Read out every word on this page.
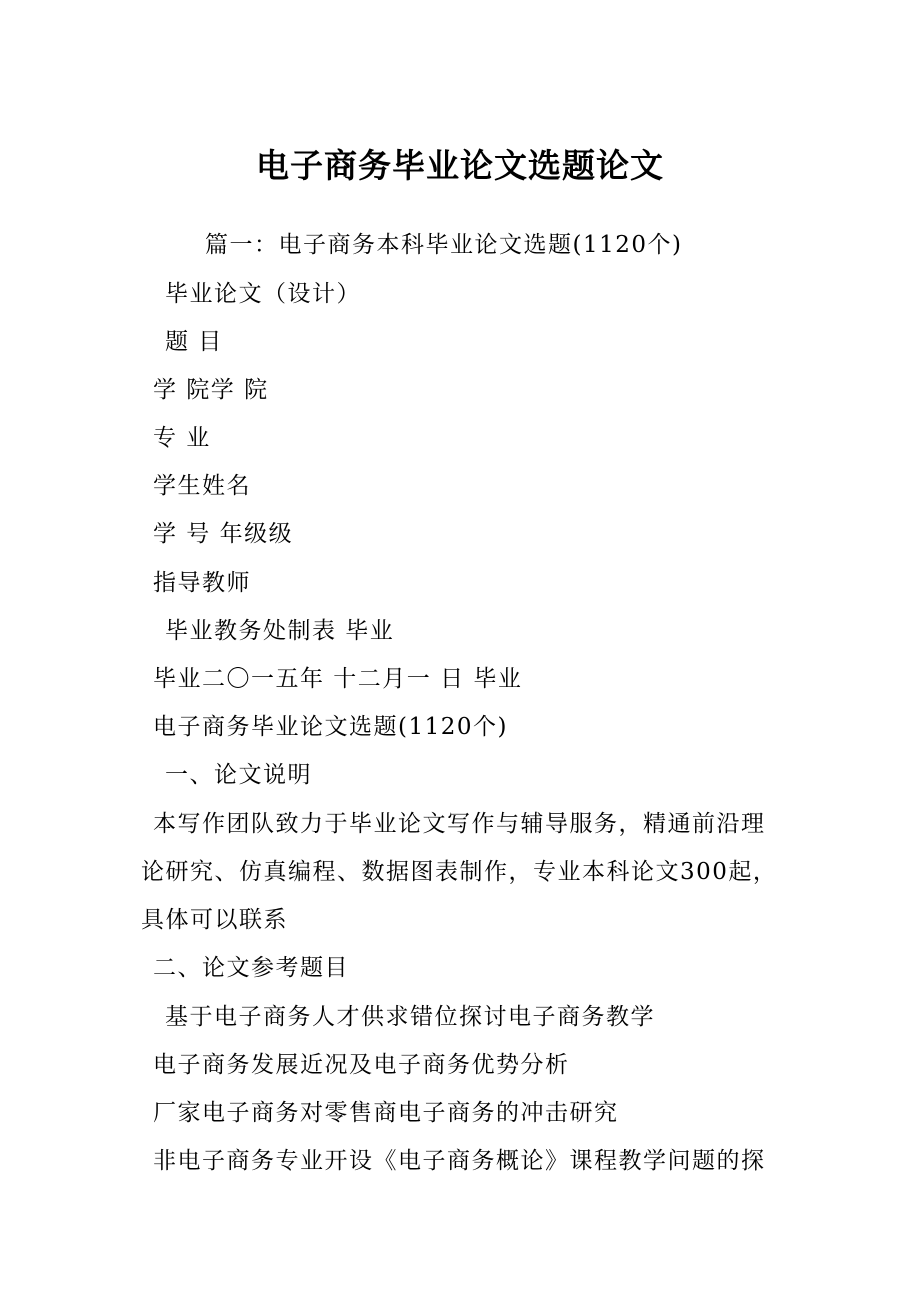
电子商务毕业论文选题论文
篇一：电子商务本科毕业论文选题(1120个)
毕业论文（设计）
题 目
学 院学 院
专 业
学生姓名
学 号 年级级
指导教师
毕业教务处制表 毕业
毕业二〇一五年 十二月一 日 毕业
电子商务毕业论文选题(1120个)
一、论文说明
本写作团队致力于毕业论文写作与辅导服务，精通前沿理
论研究、仿真编程、数据图表制作，专业本科论文300起，
具体可以联系
二、论文参考题目
基于电子商务人才供求错位探讨电子商务教学
电子商务发展近况及电子商务优势分析
厂家电子商务对零售商电子商务的冲击研究
非电子商务专业开设《电子商务概论》课程教学问题的探
